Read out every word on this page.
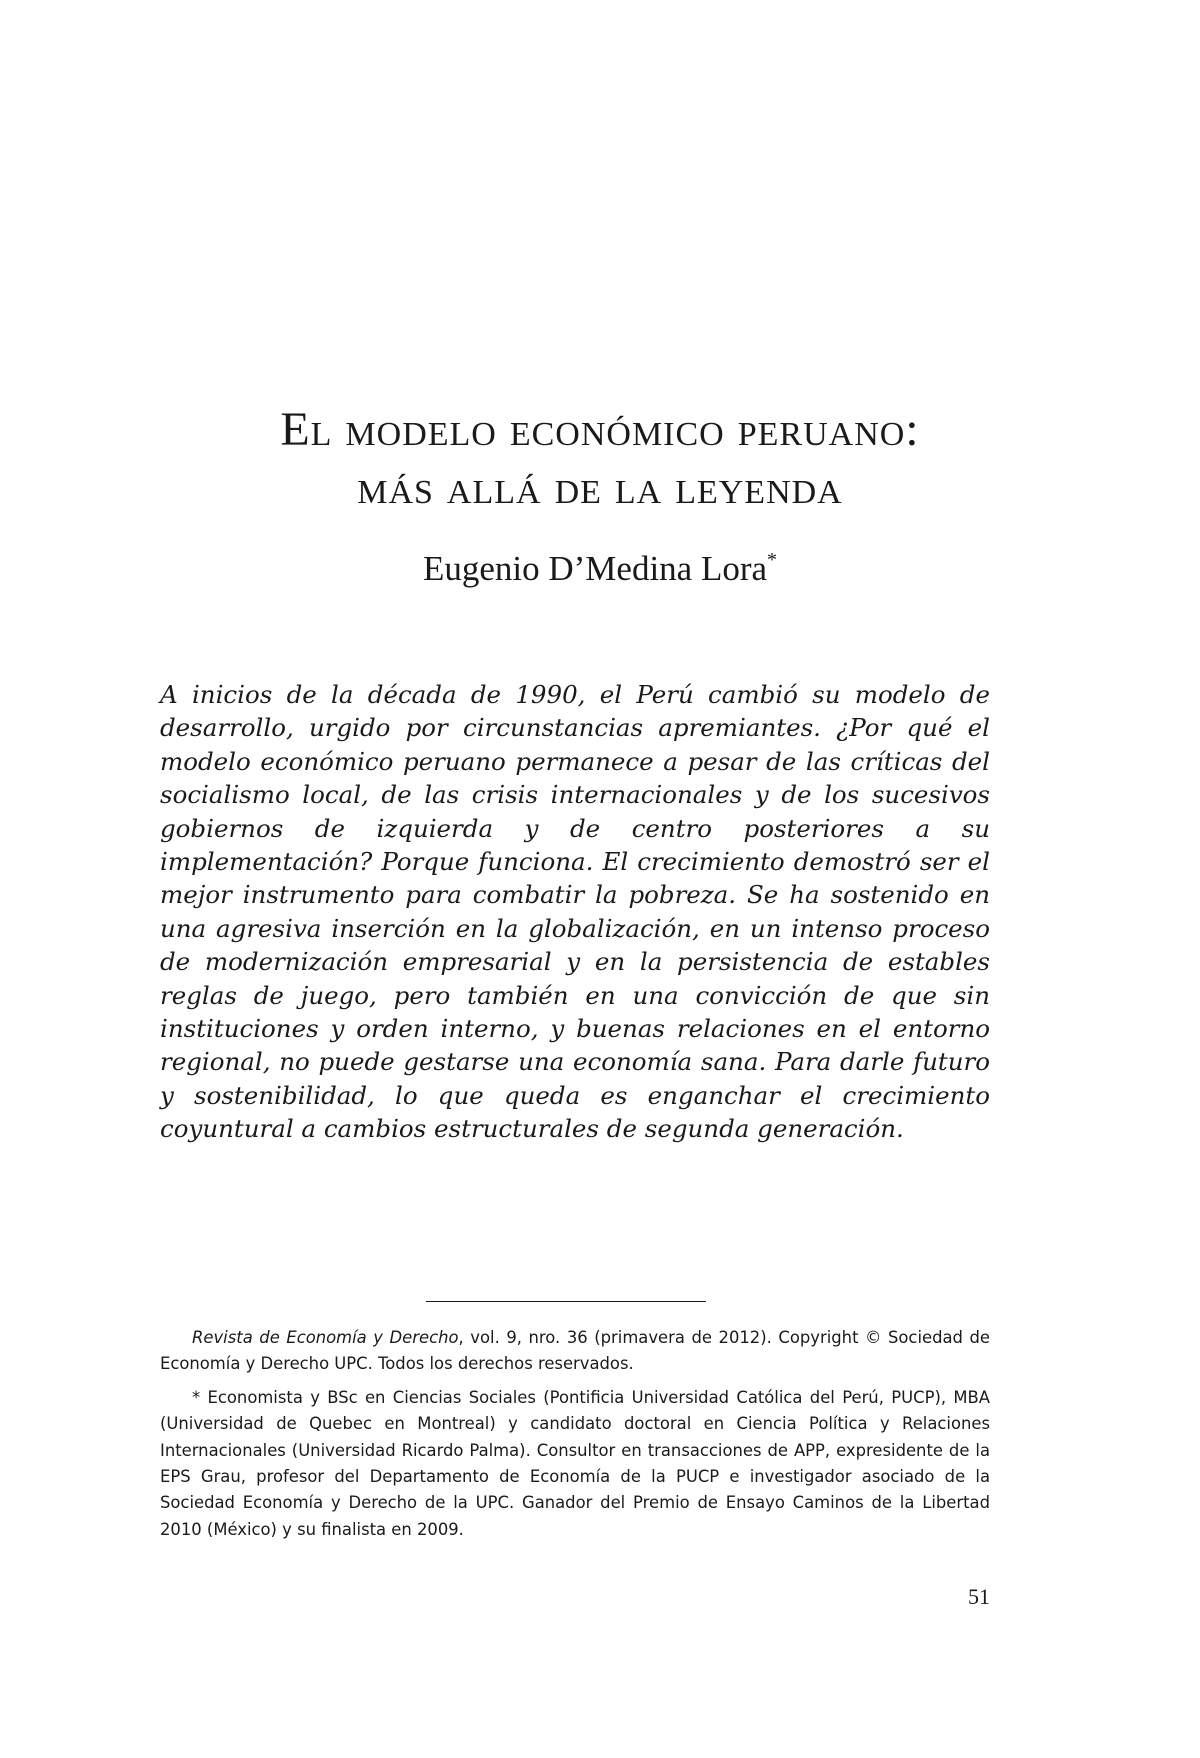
El modelo económico peruano:
más allá de la leyenda

Eugenio D’Medina Lora*

A inicios de la década de 1990, el Perú cambió su modelo de desarrollo, urgido por circunstancias apremiantes. ¿Por qué el modelo económico peruano permanece a pesar de las críticas del socialismo local, de las crisis internacionales y de los sucesivos gobiernos de izquierda y de centro posteriores a su implementación? Porque funciona. El crecimiento demostró ser el mejor instrumento para combatir la pobreza. Se ha sostenido en una agresiva inserción en la globalización, en un intenso proceso de modernización empresarial y en la persistencia de estables reglas de juego, pero también en una convicción de que sin instituciones y orden interno, y buenas relaciones en el entorno regional, no puede gestarse una economía sana. Para darle futuro y sostenibilidad, lo que queda es enganchar el crecimiento coyuntural a cambios estructurales de segunda generación.

Revista de Economía y Derecho, vol. 9, nro. 36 (primavera de 2012). Copyright © Sociedad de Economía y Derecho UPC. Todos los derechos reservados.

* Economista y BSc en Ciencias Sociales (Pontificia Universidad Católica del Perú, PUCP), MBA (Universidad de Quebec en Montreal) y candidato doctoral en Ciencia Política y Relaciones Internacionales (Universidad Ricardo Palma). Consultor en transacciones de APP, expresidente de la EPS Grau, profesor del Departamento de Economía de la PUCP e investigador asociado de la Sociedad Economía y Derecho de la UPC. Ganador del Premio de Ensayo Caminos de la Libertad 2010 (México) y su finalista en 2009.

51
